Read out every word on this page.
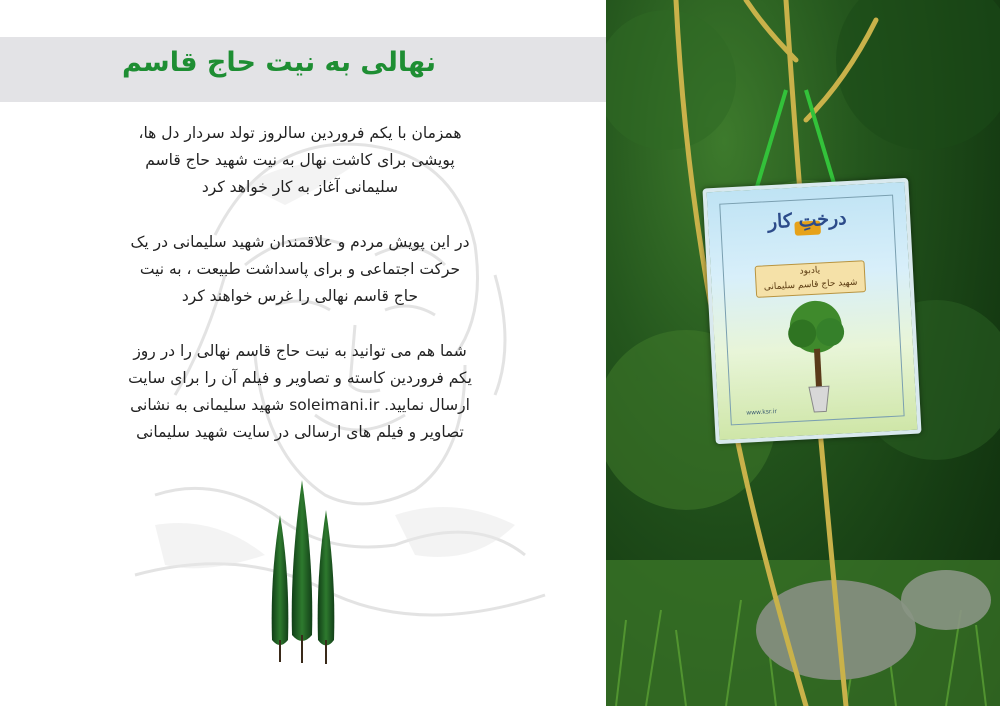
نهالی به نیت حاج قاسم

همزمان با یکم فروردین سالروز تولد سردار دل ها،
پویشی برای کاشت نهال به نیت شهید حاج قاسم
سلیمانی آغاز به کار خواهد کرد

در این پویش مردم و علاقمندان شهید سلیمانی در یک
حرکت اجتماعی و برای پاسداشت طبیعت ، به نیت
حاج قاسم نهالی را غرس خواهند کرد

شما هم می توانید به نیت حاج قاسم نهالی را در روز
یکم فروردین کاسته و تصاویر و فیلم آن را برای سایت
ارسال نمایید. soleimani.ir شهید سلیمانی به نشانی
تصاویر و فیلم های ارسالی در سایت شهید سلیمانی

درختِ کار
یادبود
شهید حاج قاسم سلیمانی
www.ksr.ir
